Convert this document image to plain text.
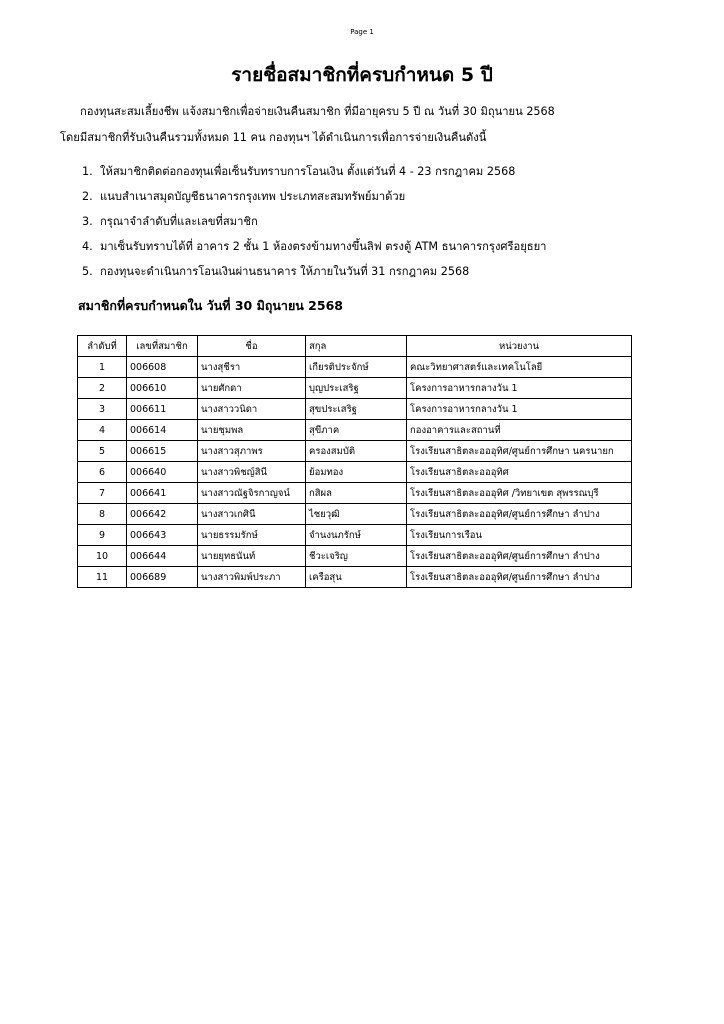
Page 1
รายชื่อสมาชิกที่ครบกำหนด 5 ปี
กองทุนสะสมเลี้ยงชีพ แจ้งสมาชิกเพื่อจ่ายเงินคืนสมาชิก ที่มีอายุครบ 5 ปี ณ วันที่ 30 มิถุนายน 2568
โดยมีสมาชิกที่รับเงินคืนรวมทั้งหมด 11 คน กองทุนฯ ได้ดำเนินการเพื่อการจ่ายเงินคืนดังนี้
1. ให้สมาชิกติดต่อกองทุนเพื่อเซ็นรับทราบการโอนเงิน ตั้งแต่วันที่ 4 - 23 กรกฎาคม 2568
2. แนบสำเนาสมุดบัญชีธนาคารกรุงเทพ ประเภทสะสมทรัพย์มาด้วย
3. กรุณาจำลำดับที่และเลขที่สมาชิก
4. มาเซ็นรับทราบได้ที่ อาคาร 2 ชั้น 1 ห้องตรงข้ามทางขึ้นลิฟ ตรงตู้ ATM ธนาคารกรุงศรีอยุธยา
5. กองทุนจะดำเนินการโอนเงินผ่านธนาคาร ให้ภายในวันที่ 31 กรกฎาคม 2568
สมาชิกที่ครบกำหนดใน วันที่ 30 มิถุนายน 2568
ลำดับที่	เลขที่สมาชิก	ชื่อ	สกุล	หน่วยงาน
1	006608	นางสุชีรา	เกียรติประจักษ์	คณะวิทยาศาสตร์และเทคโนโลยี
2	006610	นายศักดา	บุญประเสริฐ	โครงการอาหารกลางวัน 1
3	006611	นางสาววนิดา	สุขประเสริฐ	โครงการอาหารกลางวัน 1
4	006614	นายชุมพล	สุขีภาค	กองอาคารและสถานที่
5	006615	นางสาวสุภาพร	ครองสมบัติ	โรงเรียนสาธิตละอออุทิศ/ศูนย์การศึกษา นครนายก
6	006640	นางสาวพิชญ์สินี	ย้อมทอง	โรงเรียนสาธิตละอออุทิศ
7	006641	นางสาวณัฐจิรกาญจน์	กสิผล	โรงเรียนสาธิตละอออุทิศ /วิทยาเขต สุพรรณบุรี
8	006642	นางสาวเกศินี	ไชยวุฒิ	โรงเรียนสาธิตละอออุทิศ/ศูนย์การศึกษา ลำปาง
9	006643	นายธรรมรักษ์	จำนงนภรักษ์	โรงเรียนการเรือน
10	006644	นายยุทธนันท์	ชีวะเจริญ	โรงเรียนสาธิตละอออุทิศ/ศูนย์การศึกษา ลำปาง
11	006689	นางสาวพิมพ์ประภา	เครือสุน	โรงเรียนสาธิตละอออุทิศ/ศูนย์การศึกษา ลำปาง
